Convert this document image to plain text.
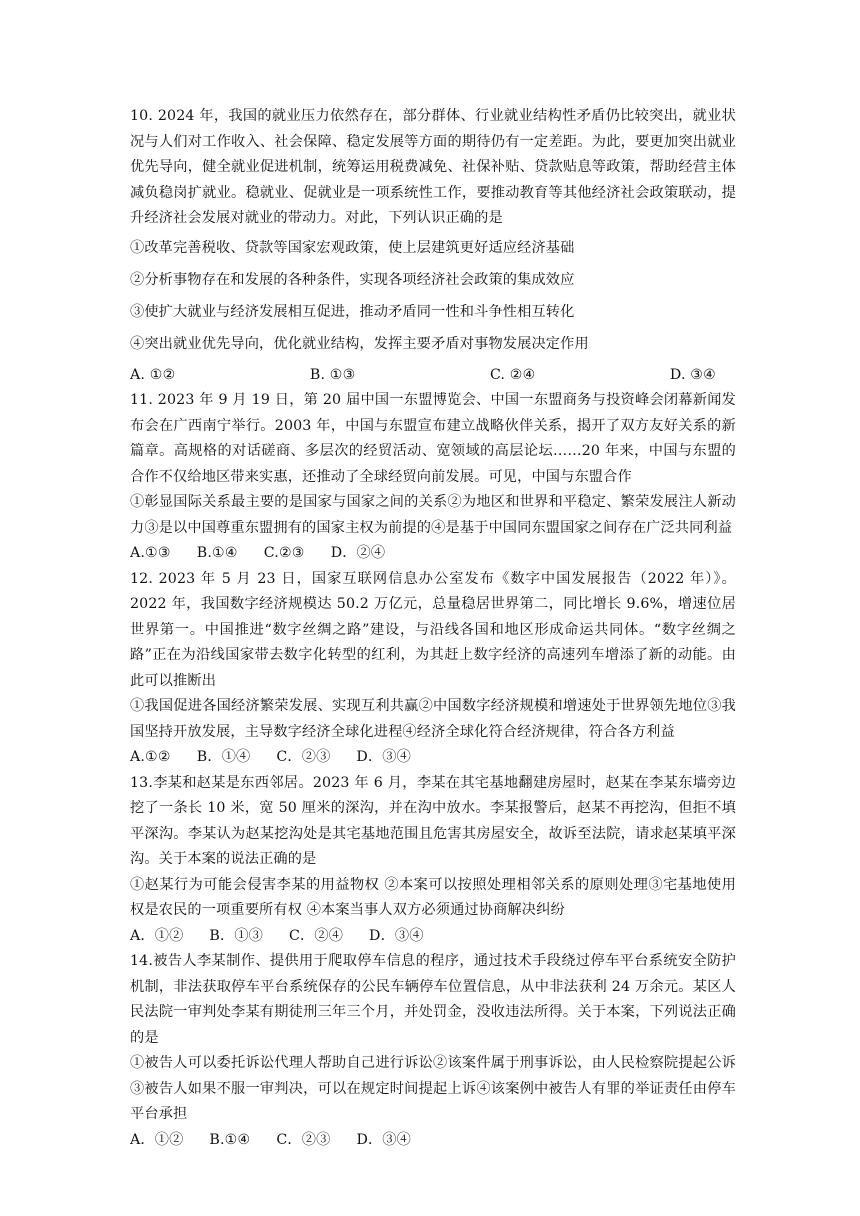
10. 2024 年，我国的就业压力依然存在，部分群体、行业就业结构性矛盾仍比较突出，就业状况与人们对工作收入、社会保障、稳定发展等方面的期待仍有一定差距。为此，要更加突出就业优先导向，健全就业促进机制，统筹运用税费减免、社保补贴、贷款贴息等政策，帮助经营主体减负稳岗扩就业。稳就业、促就业是一项系统性工作，要推动教育等其他经济社会政策联动，提升经济社会发展对就业的带动力。对此，下列认识正确的是

①改革完善税收、贷款等国家宏观政策，使上层建筑更好适应经济基础

②分析事物存在和发展的各种条件，实现各项经济社会政策的集成效应

③使扩大就业与经济发展相互促进，推动矛盾同一性和斗争性相互转化

④突出就业优先导向，优化就业结构，发挥主要矛盾对事物发展决定作用

A. ①②	B. ①③	C. ②④	D. ③④

11. 2023 年 9 月 19 日，第 20 届中国一东盟博览会、中国一东盟商务与投资峰会闭幕新闻发布会在广西南宁举行。2003 年，中国与东盟宣布建立战略伙伴关系，揭开了双方友好关系的新篇章。高规格的对话磋商、多层次的经贸活动、宽领域的高层论坛……20 年来，中国与东盟的合作不仅给地区带来实惠，还推动了全球经贸向前发展。可见，中国与东盟合作

①彰显国际关系最主要的是国家与国家之间的关系②为地区和世界和平稳定、繁荣发展注人新动力③是以中国尊重东盟拥有的国家主权为前提的④是基于中国同东盟国家之间存在广泛共同利益

A.①③ B.①④ C.②③ D．②④

12. 2023 年 5 月 23 日，国家互联网信息办公室发布《数字中国发展报告（2022 年）》。2022 年，我国数字经济规模达 50.2 万亿元，总量稳居世界第二，同比增长 9.6%，增速位居世界第一。中国推进“数字丝绸之路”建设，与沿线各国和地区形成命运共同体。“数字丝绸之路”正在为沿线国家带去数字化转型的红利，为其赶上数字经济的高速列车增添了新的动能。由此可以推断出

①我国促进各国经济繁荣发展、实现互利共赢②中国数字经济规模和增速处于世界领先地位③我国坚持开放发展，主导数字经济全球化进程④经济全球化符合经济规律，符合各方利益

A.①② B．①④ C．②③ D．③④

13.李某和赵某是东西邻居。2023 年 6 月，李某在其宅基地翻建房屋时，赵某在李某东墙旁边挖了一条长 10 米，宽 50 厘米的深沟，并在沟中放水。李某报警后，赵某不再挖沟，但拒不填平深沟。李某认为赵某挖沟处是其宅基地范围且危害其房屋安全，故诉至法院，请求赵某填平深沟。关于本案的说法正确的是

①赵某行为可能会侵害李某的用益物权 ②本案可以按照处理相邻关系的原则处理③宅基地使用权是农民的一项重要所有权 ④本案当事人双方必须通过协商解决纠纷

A．①② B．①③ C．②④ D．③④

14.被告人李某制作、提供用于爬取停车信息的程序，通过技术手段绕过停车平台系统安全防护机制，非法获取停车平台系统保存的公民车辆停车位置信息，从中非法获利 24 万余元。某区人民法院一审判处李某有期徒刑三年三个月，并处罚金，没收违法所得。关于本案，下列说法正确的是

①被告人可以委托诉讼代理人帮助自己进行诉讼②该案件属于刑事诉讼，由人民检察院提起公诉③被告人如果不服一审判决，可以在规定时间提起上诉④该案例中被告人有罪的举证责任由停车平台承担

A．①② B.①④ C．②③ D．③④
